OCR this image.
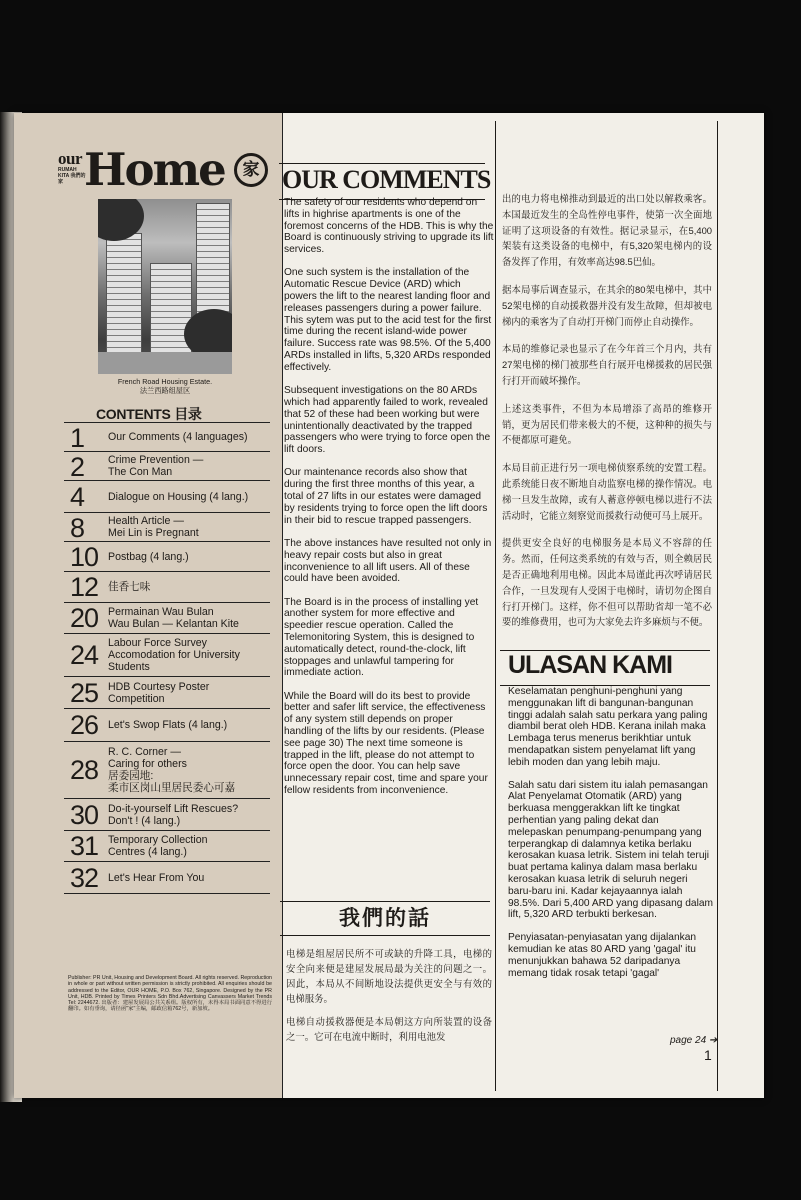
our
RUMAH KITA 我們的家 Home	家
French Road Housing Estate.
法兰西路组屋区
CONTENTS 目录
1 Our Comments (4 languages)
2 Crime Prevention —
The Con Man
4 Dialogue on Housing (4 lang.)
8 Health Article —
Mei Lin is Pregnant
10 Postbag (4 lang.)
12 佳香七味
20 Permainan Wau Bulan
Wau Bulan — Kelantan Kite
24 Labour Force Survey
Accomodation for University
Students
25 HDB Courtesy Poster
Competition
26 Let's Swop Flats (4 lang.)
28
R. C. Corner —
Caring for others
居委园地:
柔市区岗山里居民委心可嘉
30 Do-it-yourself Lift Rescues?
Don't ! (4 lang.)
31 Temporary Collection
Centres (4 lang.)
32 Let's Hear From You
Publisher: PR Unit, Housing and Development Board. All rights reserved. Reproduction in whole or part without written permission is strictly prohibited. All enquiries should be addressed to the Editor, OUR HOME, P.O. Box 762, Singapore. Designed by the PR Unit, HDB. Printed by Times Printers Sdn Bhd.Advertising Canvassers Market Trends Tel: 2244672. 出版者：建屋发展局公共关系组。版权所有，未得本局书面同意不得进行翻印。如有垂询，请径函"家"主编，邮政信箱762号，新加坡。
OUR COMMENTS

The safety of our residents who depend on lifts in highrise apartments is one of the foremost concerns of the HDB. This is why the Board is continuously striving to upgrade its lift services.

One such system is the installation of the Automatic Rescue Device (ARD) which powers the lift to the nearest landing floor and releases passengers during a power failure. This sytem was put to the acid test for the first time during the recent island-wide power failure. Success rate was 98.5%. Of the 5,400 ARDs installed in lifts, 5,320 ARDs responded effectively.

Subsequent investigations on the 80 ARDs which had apparently failed to work, revealed that 52 of these had been working but were unintentionally deactivated by the trapped passengers who were trying to force open the lift doors.

Our maintenance records also show that during the first three months of this year, a total of 27 lifts in our estates were damaged by residents trying to force open the lift doors in their bid to rescue trapped passengers.

The above instances have resulted not only in heavy repair costs but also in great inconvenience to all lift users. All of these could have been avoided.

The Board is in the process of installing yet another system for more effective and speedier rescue operation. Called the Telemonitoring System, this is designed to automatically detect, round-the-clock, lift stoppages and unlawful tampering for immediate action.

While the Board will do its best to provide better and safer lift service, the effectiveness of any system still depends on proper handling of the lifts by our residents. (Please see page 30) The next time someone is trapped in the lift, please do not attempt to force open the door. You can help save unnecessary repair cost, time and spare your fellow residents from inconvenience.

我們的話

电梯是组屋居民所不可或缺的升降工具，电梯的安全向来便是建屋发展局最为关注的问题之一。因此，本局从不间断地设法提供更安全与有效的电梯服务。

电梯自动援救器便是本局朝这方向所装置的设备之一。它可在电流中断时，利用电池发

出的电力将电梯推动到最近的出口处以解救乘客。本国最近发生的全岛性停电事件，使第一次全面地证明了这项设备的有效性。据记录显示，在5,400架装有这类设备的电梯中，有5,320架电梯内的设备发挥了作用，有效率高达98.5巴仙。

据本局事后调查显示，在其余的80架电梯中，其中52架电梯的自动援救器并没有发生故障，但却被电梯内的乘客为了自动打开梯门而停止自动操作。

本局的维修记录也显示了在今年首三个月内，共有27架电梯的梯门被那些自行展开电梯援救的居民强行打开而破坏操作。

上述这类事件，不但为本局增添了高昂的维修开销，更为居民们带来极大的不便，这种种的损失与不便都原可避免。

本局目前正进行另一项电梯侦察系统的安置工程。此系统能日夜不断地自动监察电梯的操作情况。电梯一旦发生故障，或有人蓄意停顿电梯以进行不法活动时，它能立刻察觉而援救行动便可马上展开。

提供更安全良好的电梯服务是本局义不容辞的任务。然而，任何这类系统的有效与否，则全赖居民是否正确地利用电梯。因此本局谨此再次呼请居民合作，一旦发现有人受困于电梯时，请切勿企图自行打开梯门。这样，你不但可以帮助省却一笔不必要的维修费用，也可为大家免去许多麻烦与不便。

ULASAN KAMI

Keselamatan penghuni-penghuni yang menggunakan lift di bangunan-bangunan tinggi adalah salah satu perkara yang paling diambil berat oleh HDB. Kerana inilah maka Lembaga terus menerus berikhtiar untuk mendapatkan sistem penyelamat lift yang lebih moden dan yang lebih maju.

Salah satu dari sistem itu ialah pemasangan Alat Penyelamat Otomatik (ARD) yang berkuasa menggerakkan lift ke tingkat perhentian yang paling dekat dan melepaskan penumpang-penumpang yang terperangkap di dalamnya ketika berlaku kerosakan kuasa letrik. Sistem ini telah teruji buat pertama kalinya dalam masa berlaku kerosakan kuasa letrik di seluruh negeri baru-baru ini. Kadar kejayaannya ialah 98.5%. Dari 5,400 ARD yang dipasang dalam lift, 5,320 ARD terbukti berkesan.

Penyiasatan-penyiasatan yang dijalankan kemudian ke atas 80 ARD yang 'gagal' itu menunjukkan bahawa 52 daripadanya memang tidak rosak tetapi 'gagal'

page 24 ➔
1
